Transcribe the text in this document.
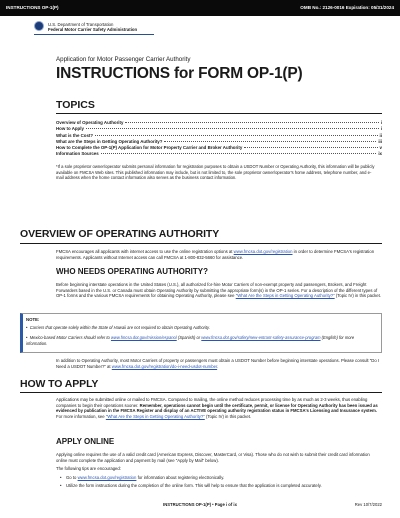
INSTRUCTIONS OP-1(P)	OMB No.: 2126-0016 Expiration: 05/31/2024
U.S. Department of Transportation
Federal Motor Carrier Safety Administration
Application for Motor Passenger Carrier Authority
INSTRUCTIONS for FORM OP-1(P)
TOPICS
Overview of Operating Authority	i
How to Apply	i
What is the Cost?	ii
What are the Steps in Getting Operating Authority?	iii
How to Complete the OP-1(P) Application for Motor Property Carrier and Broker Authority	v
Information Sources	ix
*If a sole proprietor owner/operator submits personal information for registration purposes to obtain a USDOT Number or Operating Authority, this information will be publicly available on FMCSA Web sites. This published information may include, but is not limited to, the sole proprietor owner/operator's home address, telephone number, and e-mail address when the home contact information also serves as the business contact information.
OVERVIEW OF OPERATING AUTHORITY
FMCSA encourages all applicants with internet access to use the online registration options at www.fmcsa.dot.gov/registration in order to determine FMCSA's registration requirements. Applicants without Internet access can call FMCSA at 1-800-832-5660 for assistance.
WHO NEEDS OPERATING AUTHORITY?
Before beginning interstate operations in the United States (U.S.), all authorized for-hire Motor Carriers of non-exempt property and passengers, Brokers, and Freight Forwarders based in the U.S. or Canada must obtain Operating Authority by submitting the appropriate form(s) in the OP-1 series. For a description of the different types of OP-1 forms and the various FMCSA requirements for obtaining Operating Authority, please see "What Are the Steps in Getting Operating Authority?" (Topic IV) in this packet.
NOTE:
•  Carriers that operate solely within the State of Hawaii are not required to obtain Operating Authority.
•  Mexico-based Motor Carriers should refer to www.fmcsa.dot.gov/mission/espanol (Spanish) or www.fmcsa.dot.gov/safety/new-entrant-safety-assurance-program (English) for more information.
In addition to Operating Authority, most Motor Carriers of property or passengers must obtain a USDOT Number before beginning interstate operations. Please consult "Do I Need a USDOT Number?" at www.fmcsa.dot.gov/registration/do-i-need-usdot-number.
HOW TO APPLY
Applications may be submitted online or mailed to FMCSA. Compared to mailing, the online method reduces processing time by as much as 2-3 weeks, thus enabling companies to begin their operations sooner. Remember, operations cannot begin until the certificate, permit, or license for Operating Authority has been issued as evidenced by publication in the FMCSA Register and display of an ACTIVE operating authority registration status in FMCSA's Licensing and Insurance system. For more information, see "What Are the Steps in Getting Operating Authority?" (Topic IV) in this packet.
APPLY ONLINE
Applying online requires the use of a valid credit card (American Express, Discover, MasterCard, or Visa). Those who do not wish to submit their credit card information online must complete the application and payment by mail (see "Apply by Mail" below).
The following tips are encouraged:
• Go to www.fmcsa.dot.gov/registration for information about registering electronically.
• Utilize the form instructions during the completion of the online form. This will help to ensure that the application is completed accurately.
INSTRUCTIONS OP-1(P) • Page i of ix	Rev 10/7/2022
